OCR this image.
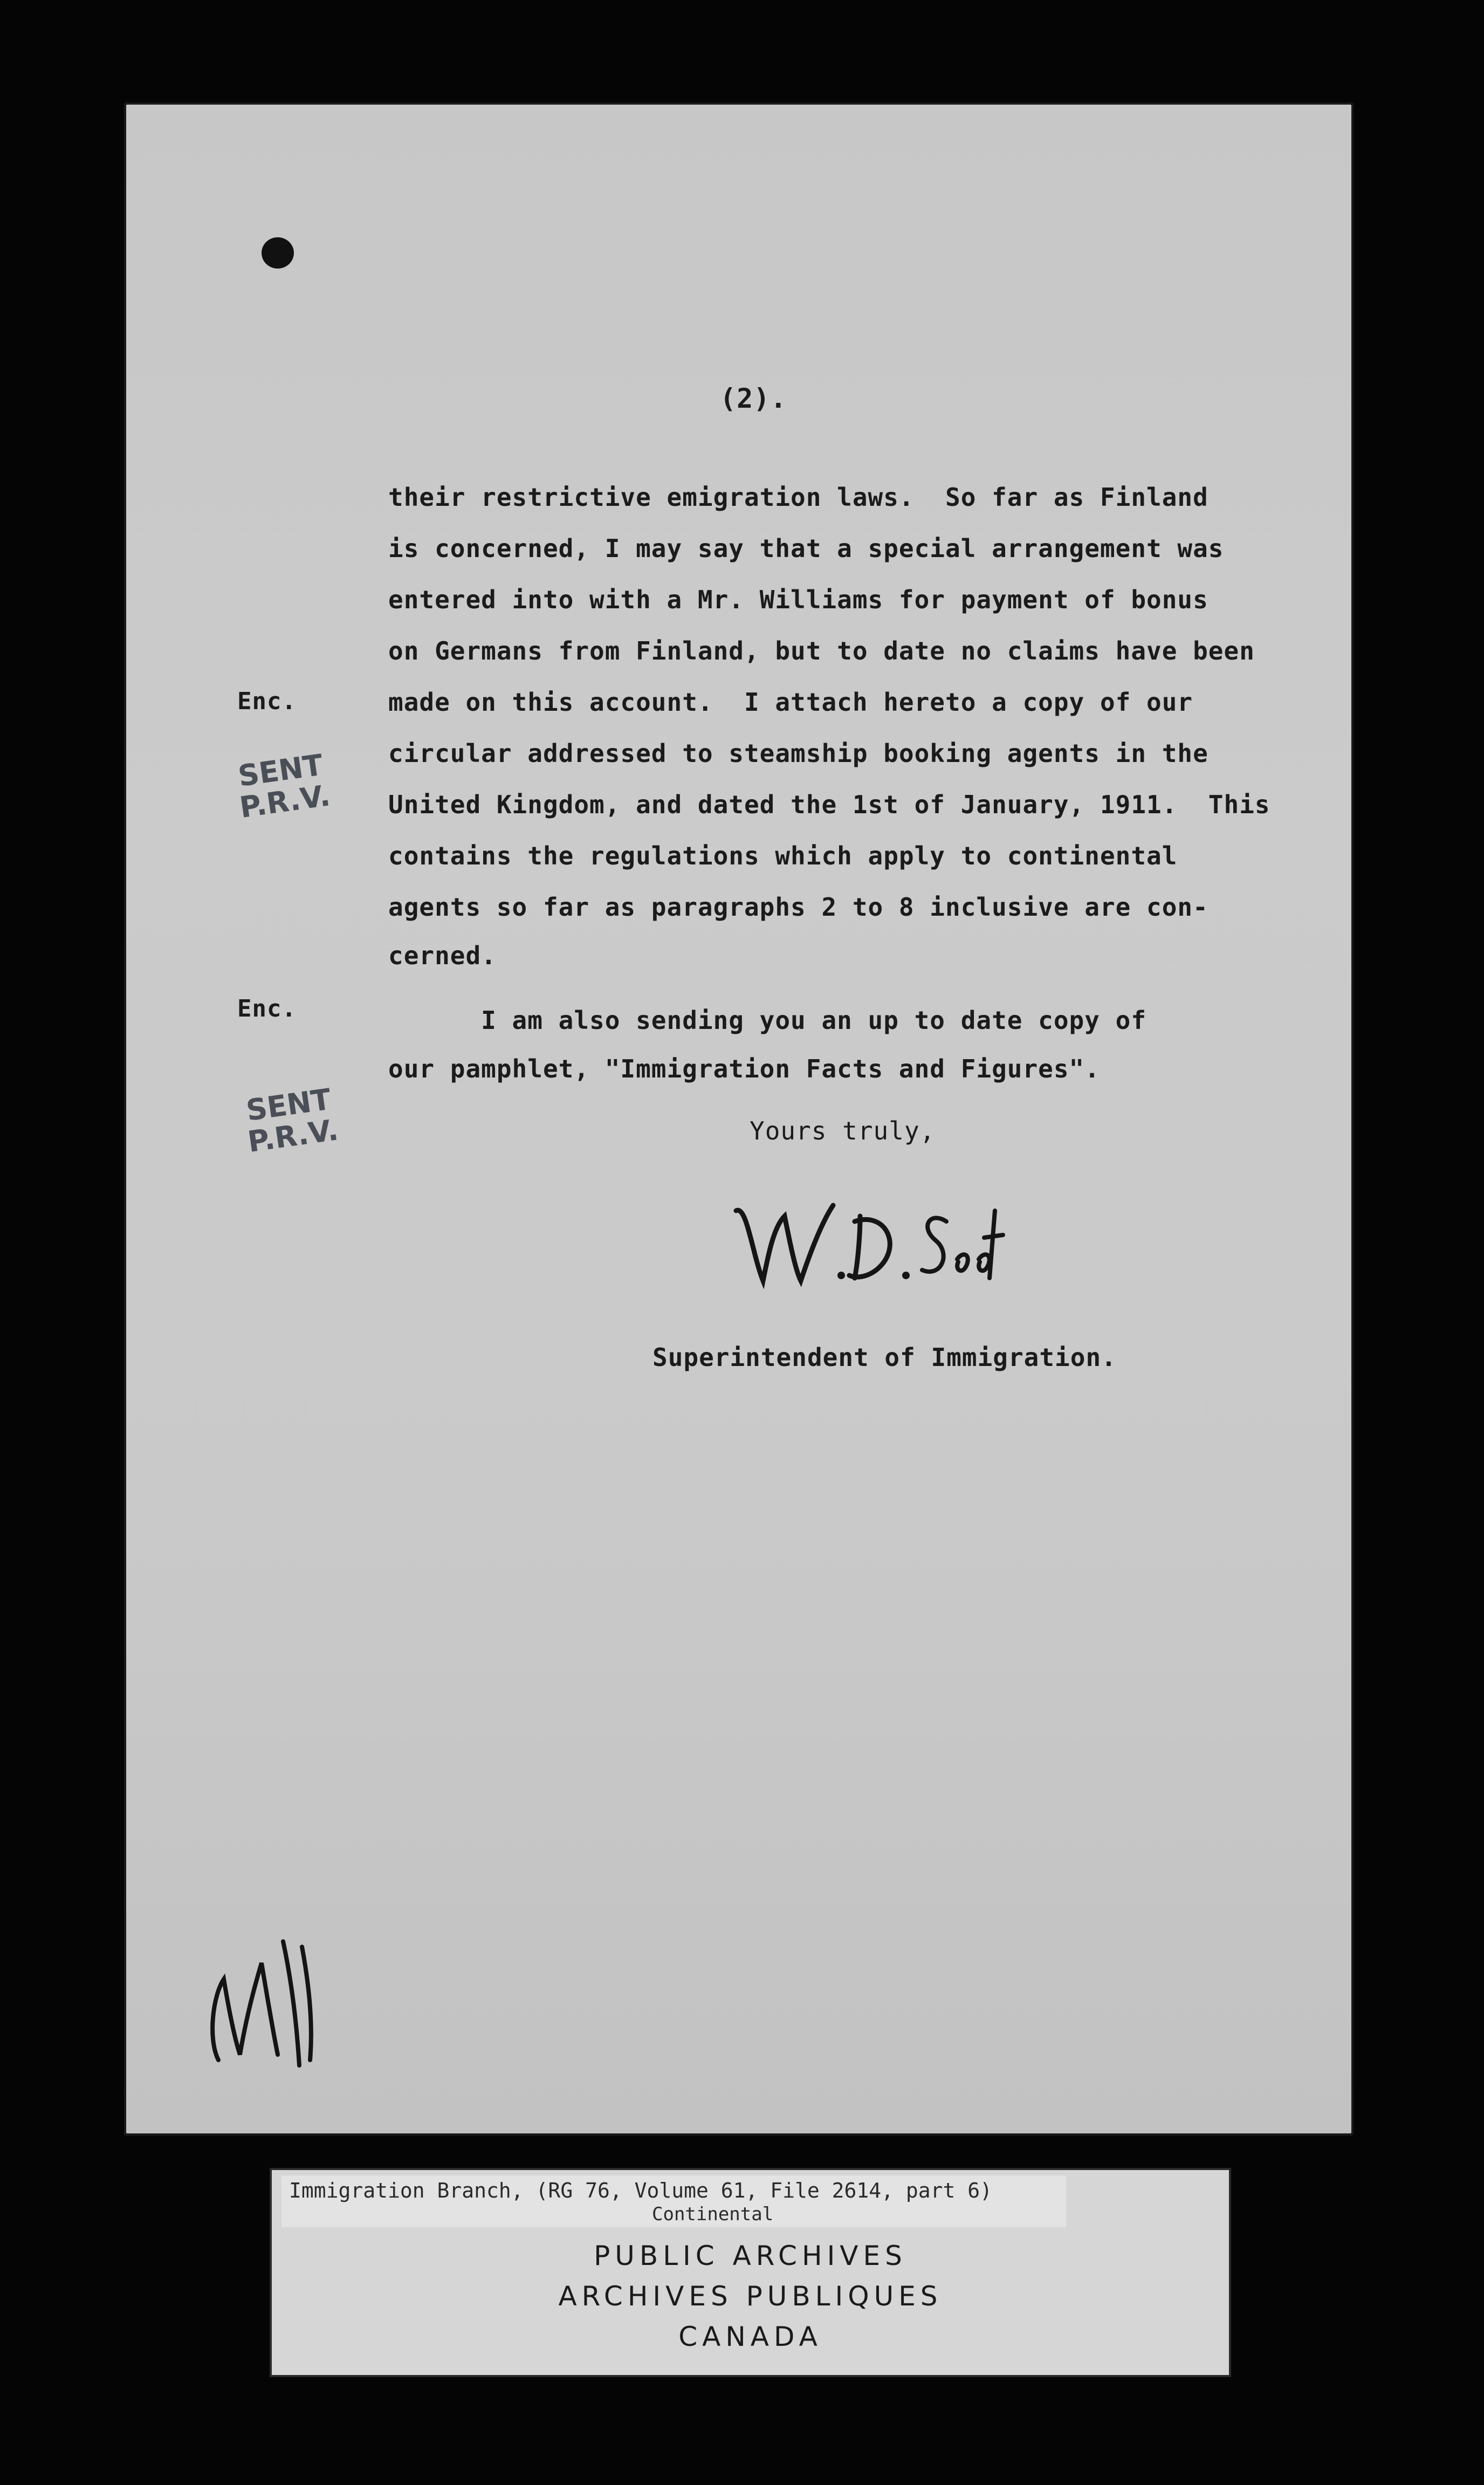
(2).
their restrictive emigration laws.  So far as Finland
is concerned, I may say that a special arrangement was
entered into with a Mr. Williams for payment of bonus
on Germans from Finland, but to date no claims have been
made on this account.  I attach hereto a copy of our
circular addressed to steamship booking agents in the
United Kingdom, and dated the 1st of January, 1911.  This
contains the regulations which apply to continental
agents so far as paragraphs 2 to 8 inclusive are con-
cerned.
I am also sending you an up to date copy of
our pamphlet, "Immigration Facts and Figures".
Enc.
Enc.
SENT
P.R.V.
SENT
P.R.V.	Yours truly,
Superintendent of Immigration.
Immigration Branch, (RG 76, Volume 61, File 2614, part 6)
Continental
PUBLIC ARCHIVES
ARCHIVES PUBLIQUES
CANADA
